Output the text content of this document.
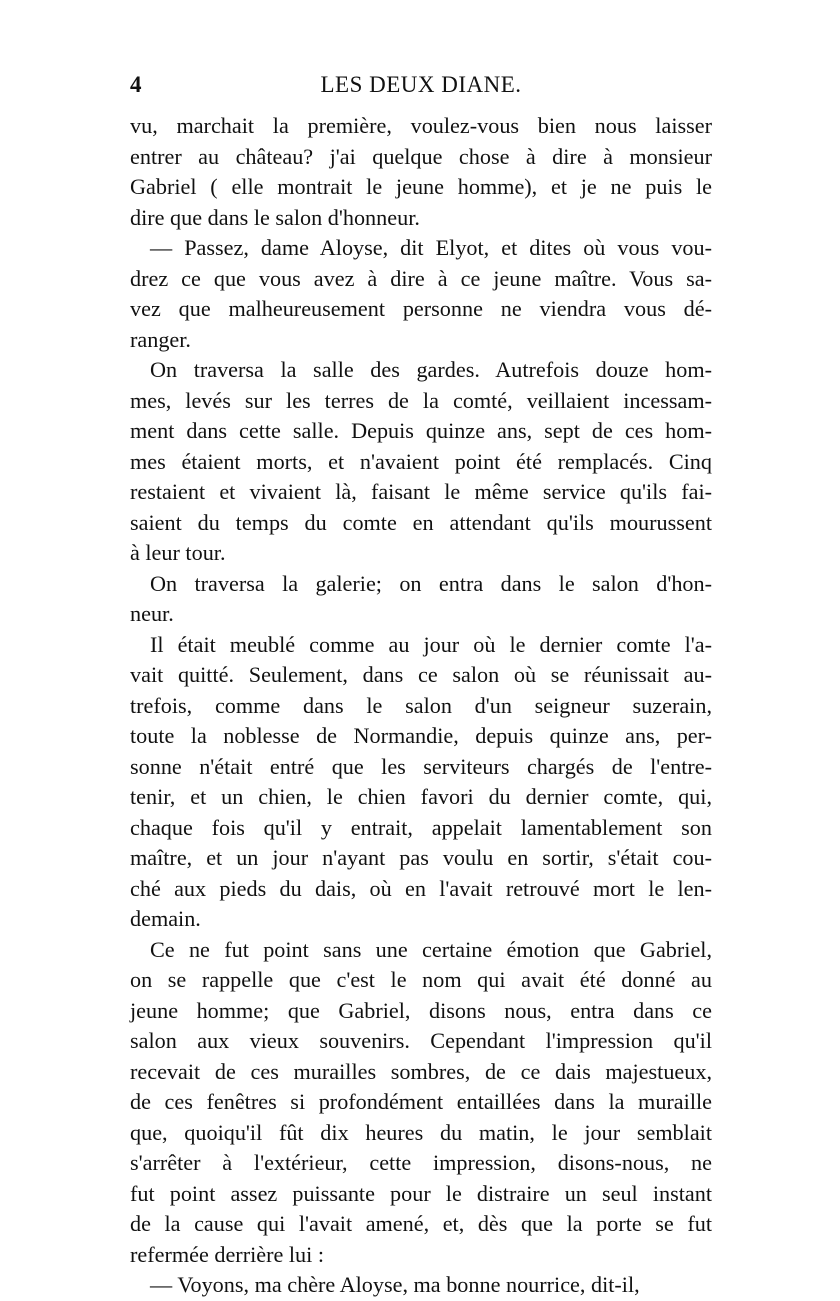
4	LES DEUX DIANE.
vu, marchait la première, voulez-vous bien nous laisser
entrer au château? j'ai quelque chose à dire à monsieur
Gabriel ( elle montrait le jeune homme), et je ne puis le
dire que dans le salon d'honneur.
— Passez, dame Aloyse, dit Elyot, et dites où vous vou-
drez ce que vous avez à dire à ce jeune maître. Vous sa-
vez que malheureusement personne ne viendra vous dé-
ranger.
On traversa la salle des gardes. Autrefois douze hom-
mes, levés sur les terres de la comté, veillaient incessam-
ment dans cette salle. Depuis quinze ans, sept de ces hom-
mes étaient morts, et n'avaient point été remplacés. Cinq
restaient et vivaient là, faisant le même service qu'ils fai-
saient du temps du comte en attendant qu'ils mourussent
à leur tour.
On traversa la galerie; on entra dans le salon d'hon-
neur.
Il était meublé comme au jour où le dernier comte l'a-
vait quitté. Seulement, dans ce salon où se réunissait au-
trefois, comme dans le salon d'un seigneur suzerain,
toute la noblesse de Normandie, depuis quinze ans, per-
sonne n'était entré que les serviteurs chargés de l'entre-
tenir, et un chien, le chien favori du dernier comte, qui,
chaque fois qu'il y entrait, appelait lamentablement son
maître, et un jour n'ayant pas voulu en sortir, s'était cou-
ché aux pieds du dais, où en l'avait retrouvé mort le len-
demain.
Ce ne fut point sans une certaine émotion que Gabriel,
on se rappelle que c'est le nom qui avait été donné au
jeune homme; que Gabriel, disons nous, entra dans ce
salon aux vieux souvenirs. Cependant l'impression qu'il
recevait de ces murailles sombres, de ce dais majestueux,
de ces fenêtres si profondément entaillées dans la muraille
que, quoiqu'il fût dix heures du matin, le jour semblait
s'arrêter à l'extérieur, cette impression, disons-nous, ne
fut point assez puissante pour le distraire un seul instant
de la cause qui l'avait amené, et, dès que la porte se fut
refermée derrière lui :
— Voyons, ma chère Aloyse, ma bonne nourrice, dit-il,
